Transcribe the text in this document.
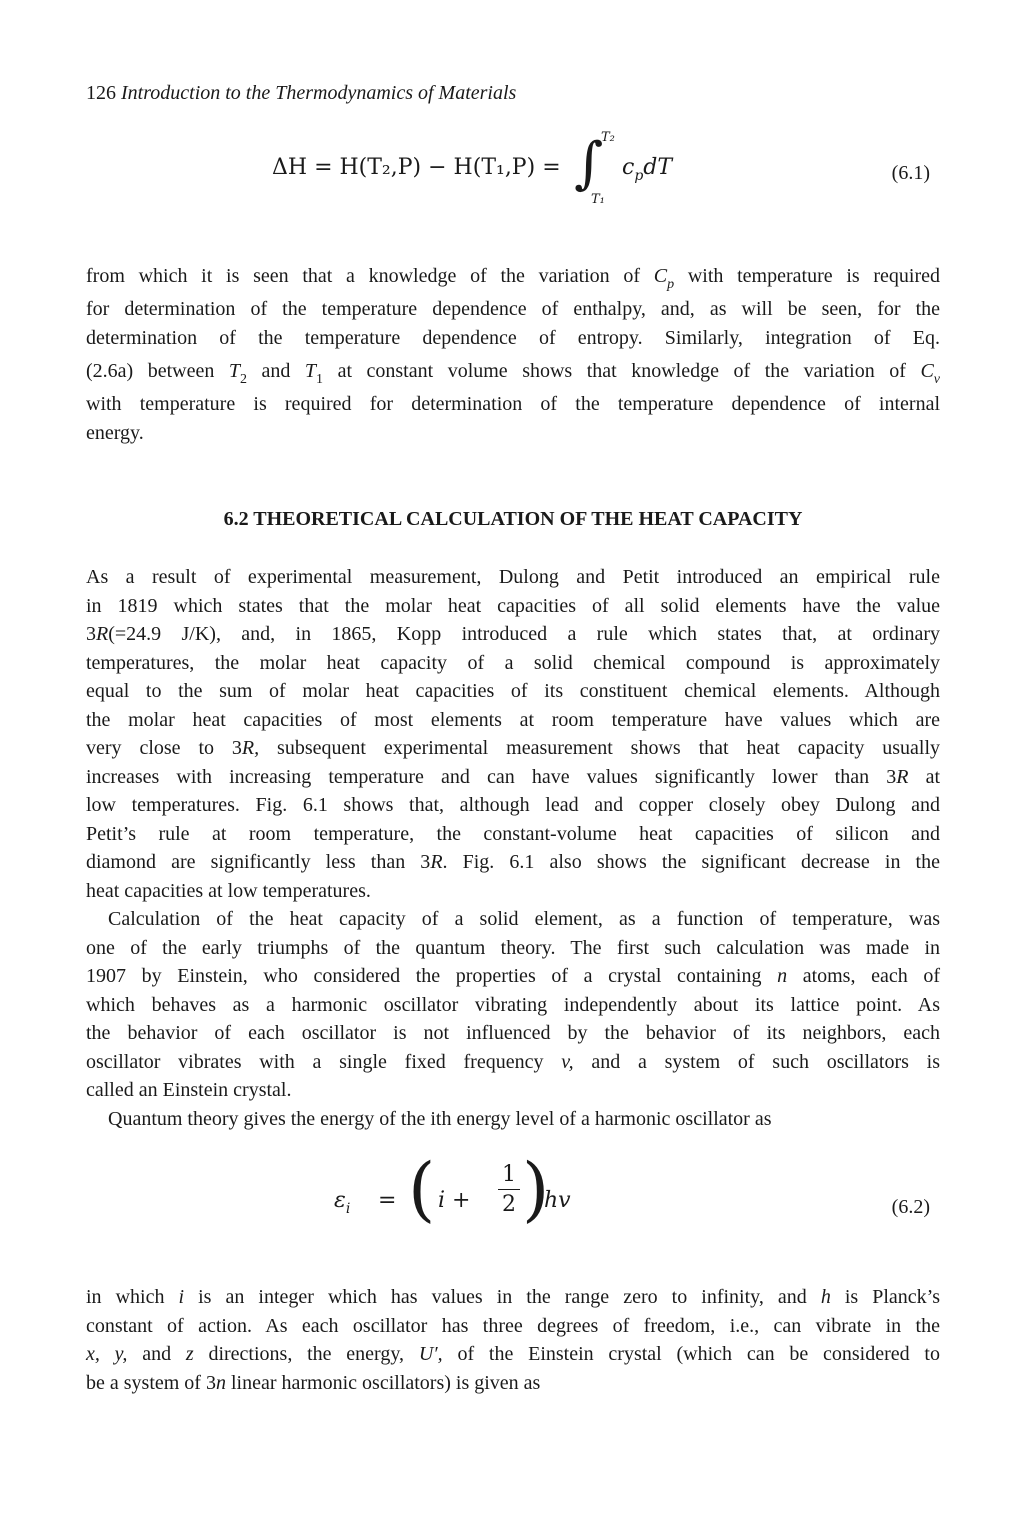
126 Introduction to the Thermodynamics of Materials
ΔH = H(T₂,P) − H(T₁,P) = ∫
T₂
T₁
$c_pdT$	(6.1)
from which it is seen that a knowledge of the variation of $C_p$ with temperature is required
for determination of the temperature dependence of enthalpy, and, as will be seen, for the
determination of the temperature dependence of entropy. Similarly, integration of Eq.
(2.6a) between $T_2$ and $T_1$ at constant volume shows that knowledge of the variation of $C_v$
with temperature is required for determination of the temperature dependence of internal
energy.
6.2 THEORETICAL CALCULATION OF THE HEAT CAPACITY
As a result of experimental measurement, Dulong and Petit introduced an empirical rule
in 1819 which states that the molar heat capacities of all solid elements have the value
3R(=24.9 J/K), and, in 1865, Kopp introduced a rule which states that, at ordinary
temperatures, the molar heat capacity of a solid chemical compound is approximately
equal to the sum of molar heat capacities of its constituent chemical elements. Although
the molar heat capacities of most elements at room temperature have values which are
very close to 3R, subsequent experimental measurement shows that heat capacity usually
increases with increasing temperature and can have values significantly lower than 3R at
low temperatures. Fig. 6.1 shows that, although lead and copper closely obey Dulong and
Petit’s rule at room temperature, the constant-volume heat capacities of silicon and
diamond are significantly less than 3R. Fig. 6.1 also shows the significant decrease in the
heat capacities at low temperatures.
Calculation of the heat capacity of a solid element, as a function of temperature, was
one of the early triumphs of the quantum theory. The first such calculation was made in
1907 by Einstein, who considered the properties of a crystal containing n atoms, each of
which behaves as a harmonic oscillator vibrating independently about its lattice point. As
the behavior of each oscillator is not influenced by the behavior of its neighbors, each
oscillator vibrates with a single fixed frequency v, and a system of such oscillators is
called an Einstein crystal.
Quantum theory gives the energy of the ith energy level of a harmonic oscillator as
$\varepsilon_i$ = ( i +
1
2 )
hv	(6.2)
in which i is an integer which has values in the range zero to infinity, and h is Planck’s
constant of action. As each oscillator has three degrees of freedom, i.e., can vibrate in the
x, y, and z directions, the energy, U′, of the Einstein crystal (which can be considered to
be a system of 3n linear harmonic oscillators) is given as
